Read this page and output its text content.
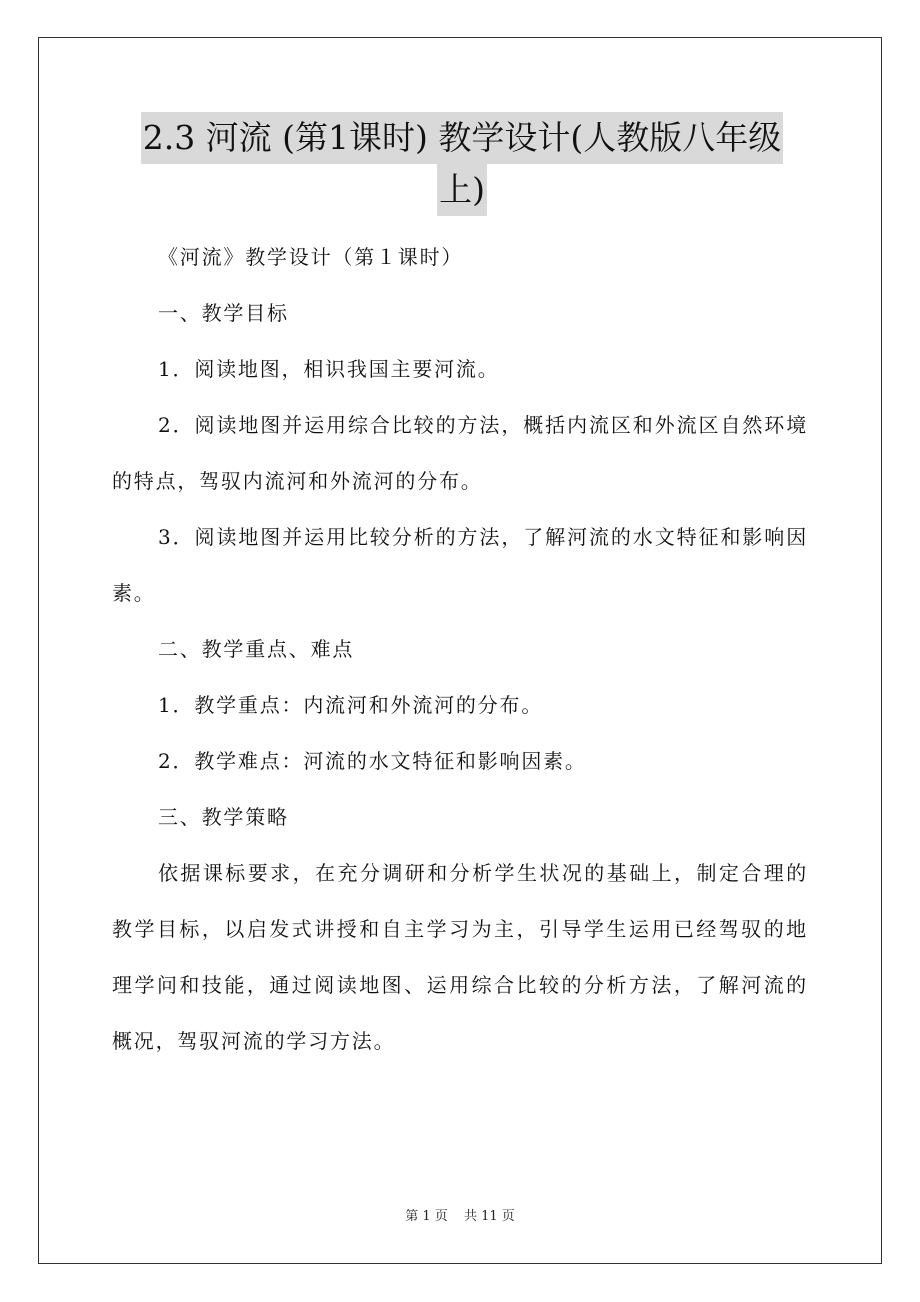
2.3 河流 (第1课时) 教学设计(人教版八年级
上)

《河流》教学设计（第１课时）

一、教学目标

1．阅读地图，相识我国主要河流。

2．阅读地图并运用综合比较的方法，概括内流区和外流区自然环境的特点，驾驭内流河和外流河的分布。

3．阅读地图并运用比较分析的方法，了解河流的水文特征和影响因素。

二、教学重点、难点

1．教学重点：内流河和外流河的分布。

2．教学难点：河流的水文特征和影响因素。

三、教学策略

依据课标要求，在充分调研和分析学生状况的基础上，制定合理的教学目标，以启发式讲授和自主学习为主，引导学生运用已经驾驭的地理学问和技能，通过阅读地图、运用综合比较的分析方法，了解河流的概况，驾驭河流的学习方法。

第 1 页 共 11 页
